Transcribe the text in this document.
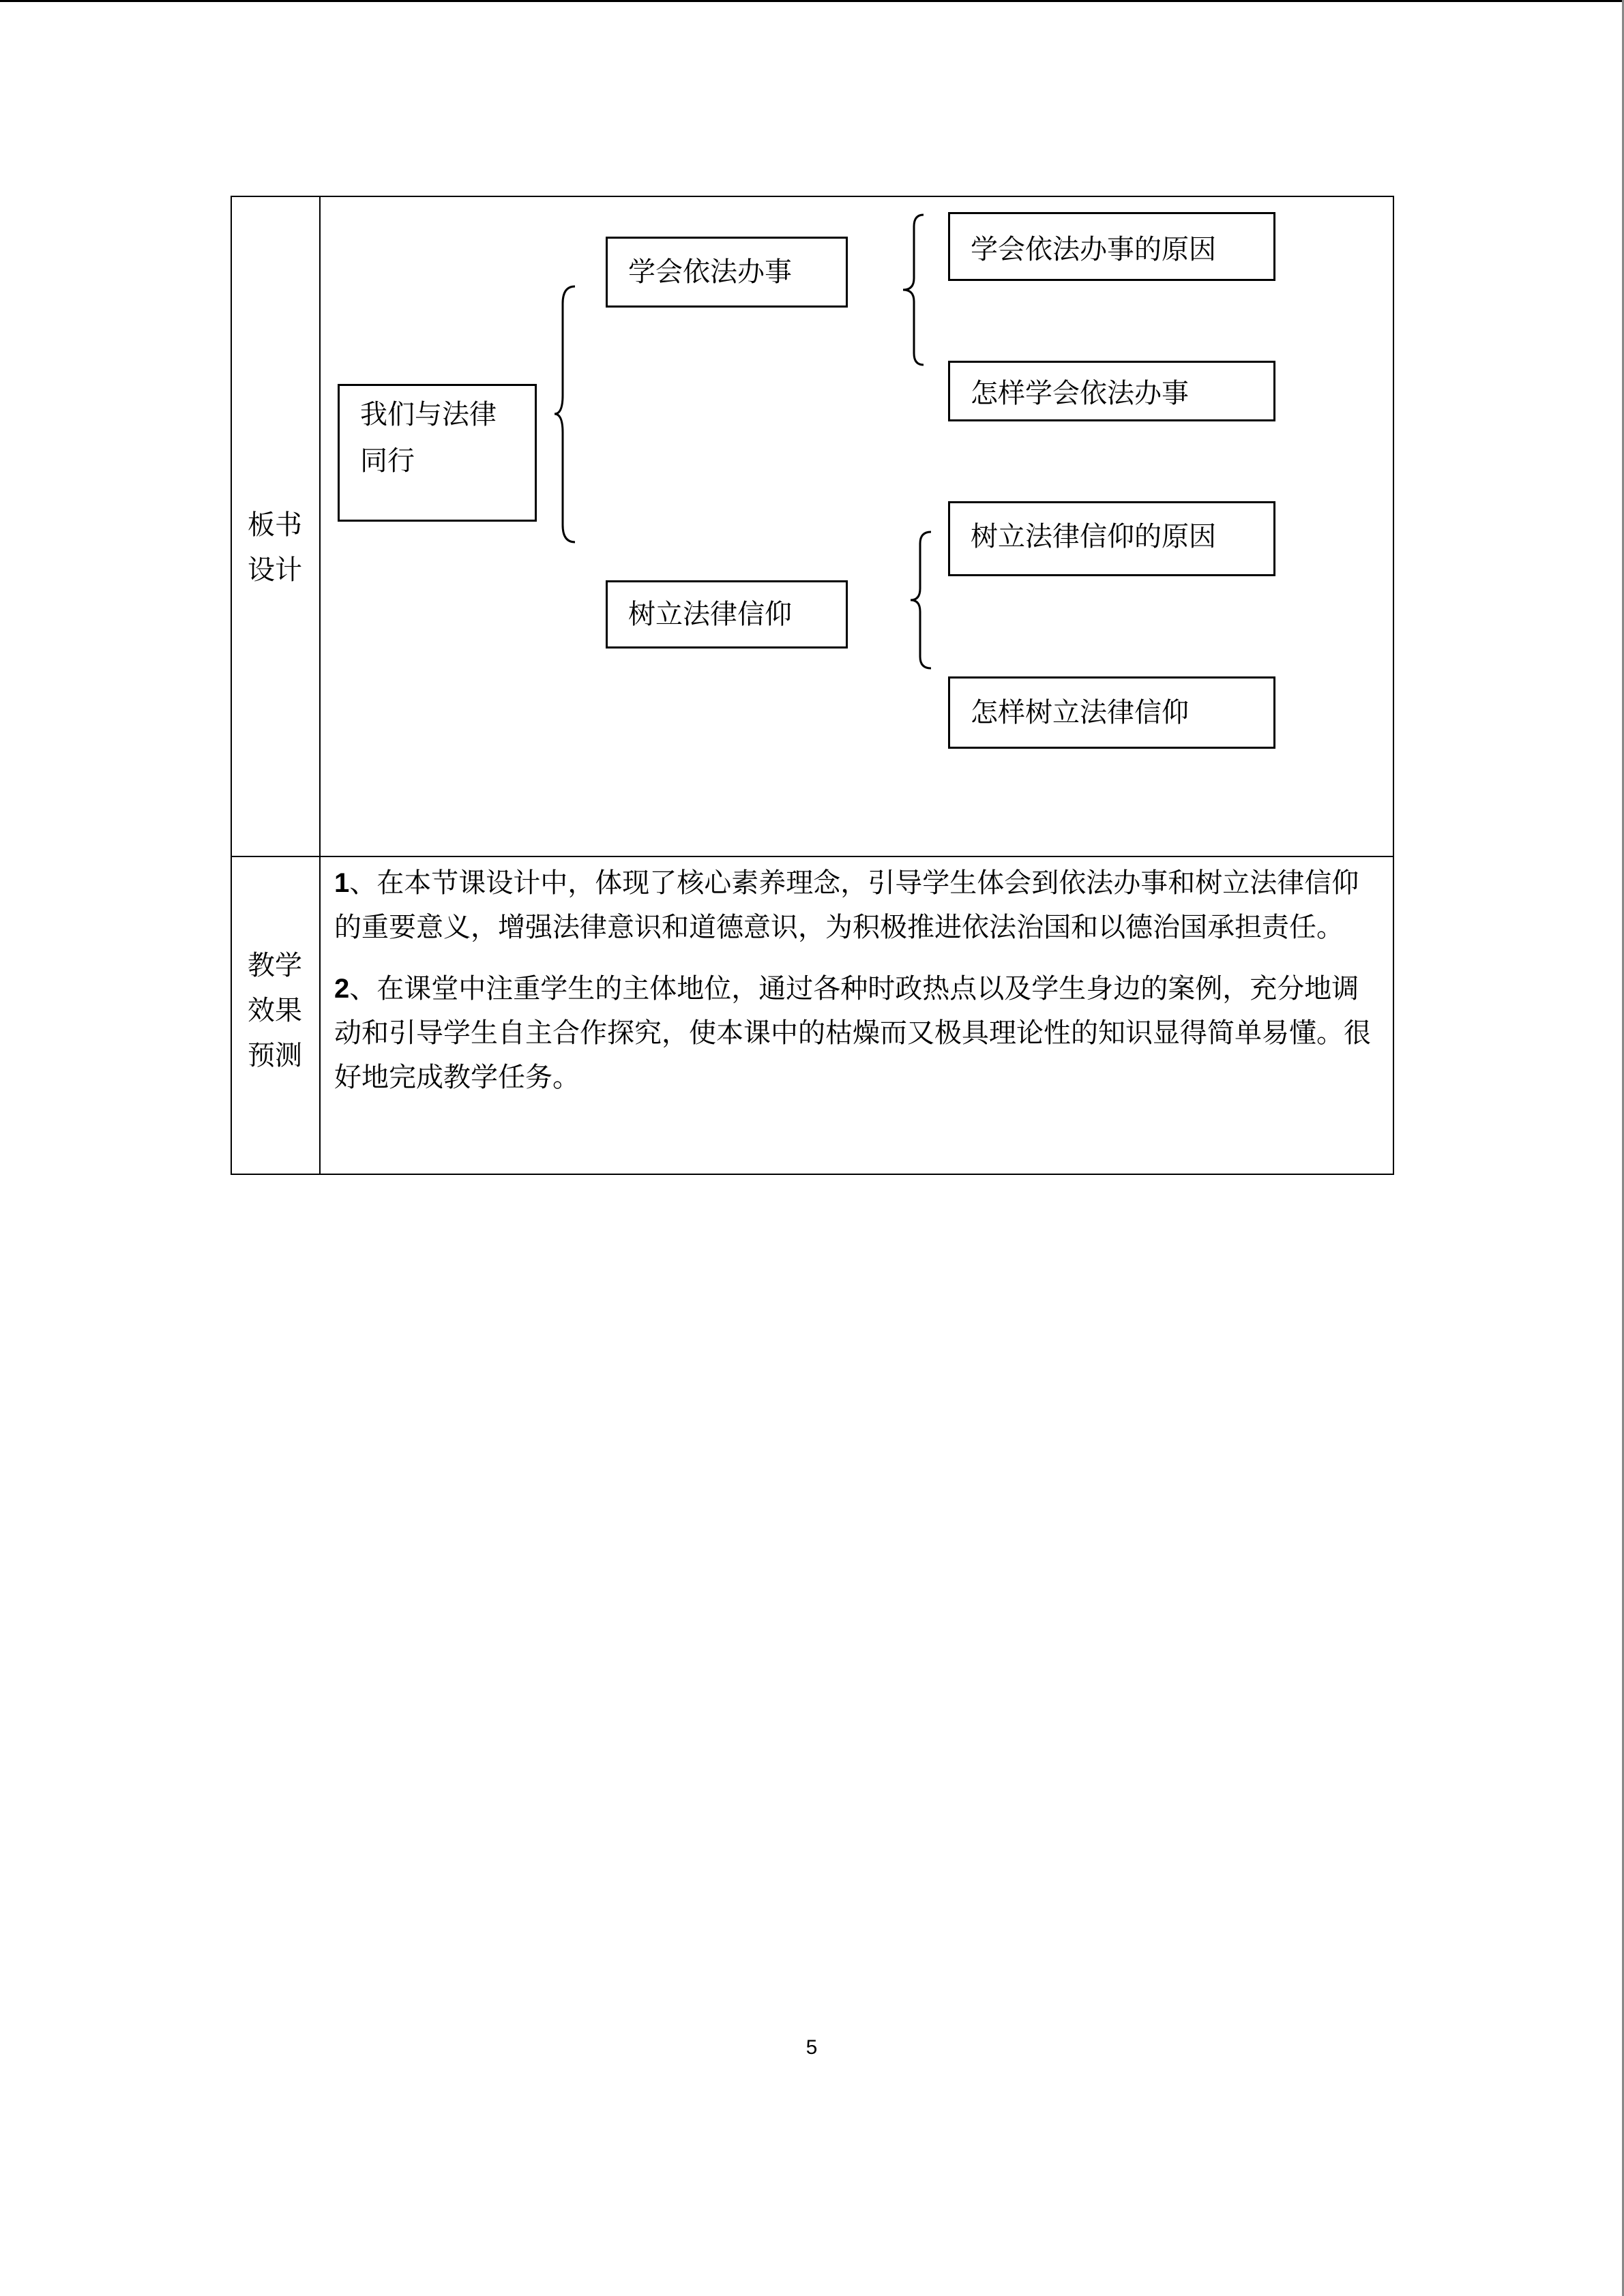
板书
设计
教学
效果
预测
我们与法律
同行
学会依法办事
树立法律信仰
学会依法办事的原因
怎样学会依法办事
树立法律信仰的原因
怎样树立法律信仰

1、在本节课设计中，体现了核心素养理念，引导学生体会到依法办事和树立法律信仰的重要意义，增强法律意识和道德意识，为积极推进依法治国和以德治国承担责任。

2、在课堂中注重学生的主体地位，通过各种时政热点以及学生身边的案例，充分地调动和引导学生自主合作探究，使本课中的枯燥而又极具理论性的知识显得简单易懂。很好地完成教学任务。

5
